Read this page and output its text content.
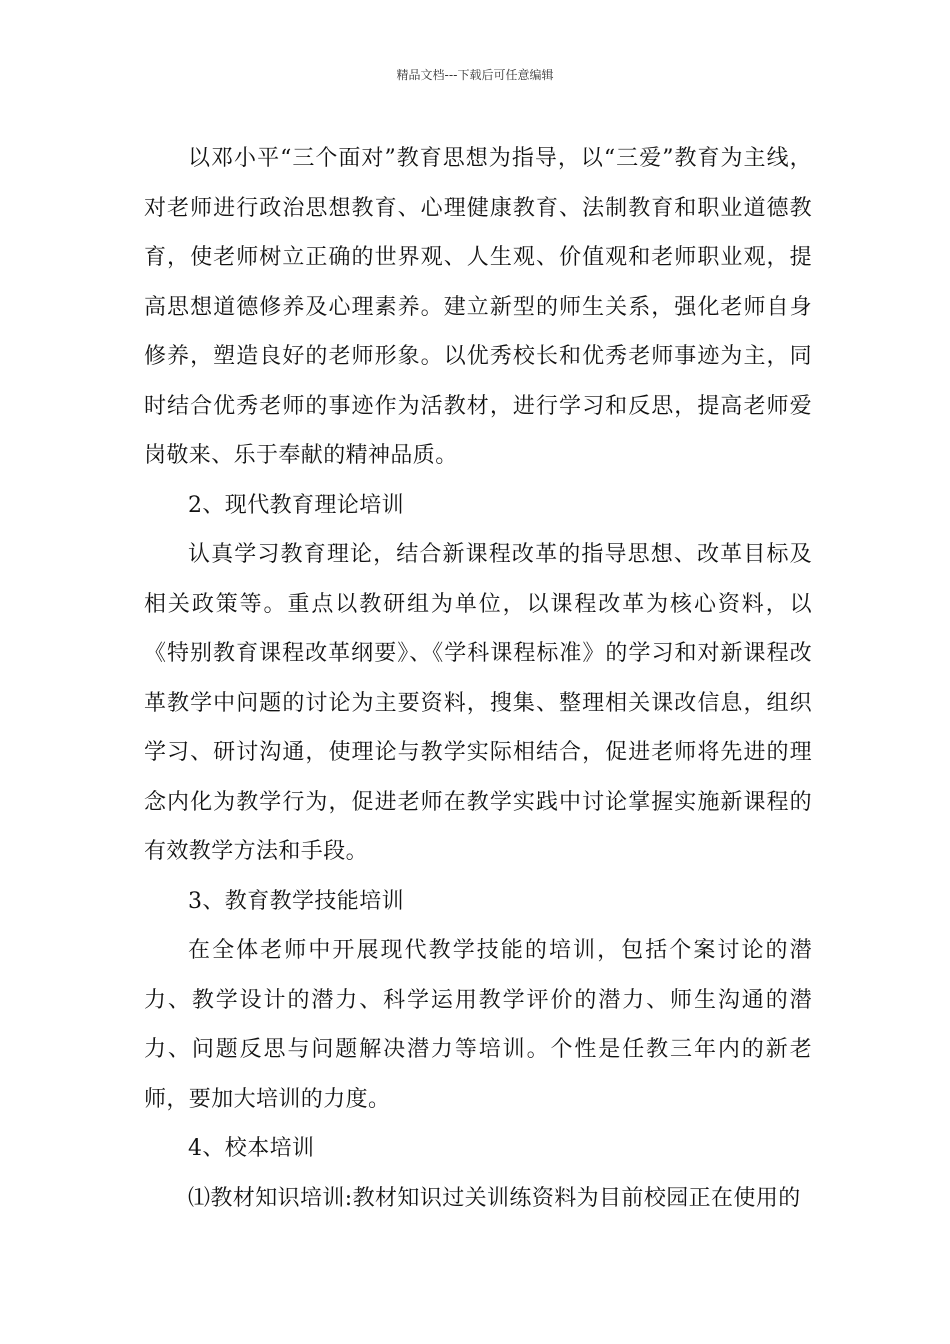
精品文档---下载后可任意编辑

以邓小平“三个面对”教育思想为指导，以“三爱”教育为主线，对老师进行政治思想教育、心理健康教育、法制教育和职业道德教育，使老师树立正确的世界观、人生观、价值观和老师职业观，提高思想道德修养及心理素养。建立新型的师生关系，强化老师自身修养，塑造良好的老师形象。以优秀校长和优秀老师事迹为主，同时结合优秀老师的事迹作为活教材，进行学习和反思，提高老师爱岗敬来、乐于奉献的精神品质。

2、现代教育理论培训

认真学习教育理论，结合新课程改革的指导思想、改革目标及相关政策等。重点以教研组为单位，以课程改革为核心资料，以《特别教育课程改革纲要》、《学科课程标准》的学习和对新课程改革教学中问题的讨论为主要资料，搜集、整理相关课改信息，组织学习、研讨沟通，使理论与教学实际相结合，促进老师将先进的理念内化为教学行为，促进老师在教学实践中讨论掌握实施新课程的有效教学方法和手段。

3、教育教学技能培训

在全体老师中开展现代教学技能的培训，包括个案讨论的潜力、教学设计的潜力、科学运用教学评价的潜力、师生沟通的潜力、问题反思与问题解决潜力等培训。个性是任教三年内的新老师，要加大培训的力度。

4、校本培训

⑴教材知识培训:教材知识过关训练资料为目前校园正在使用的
